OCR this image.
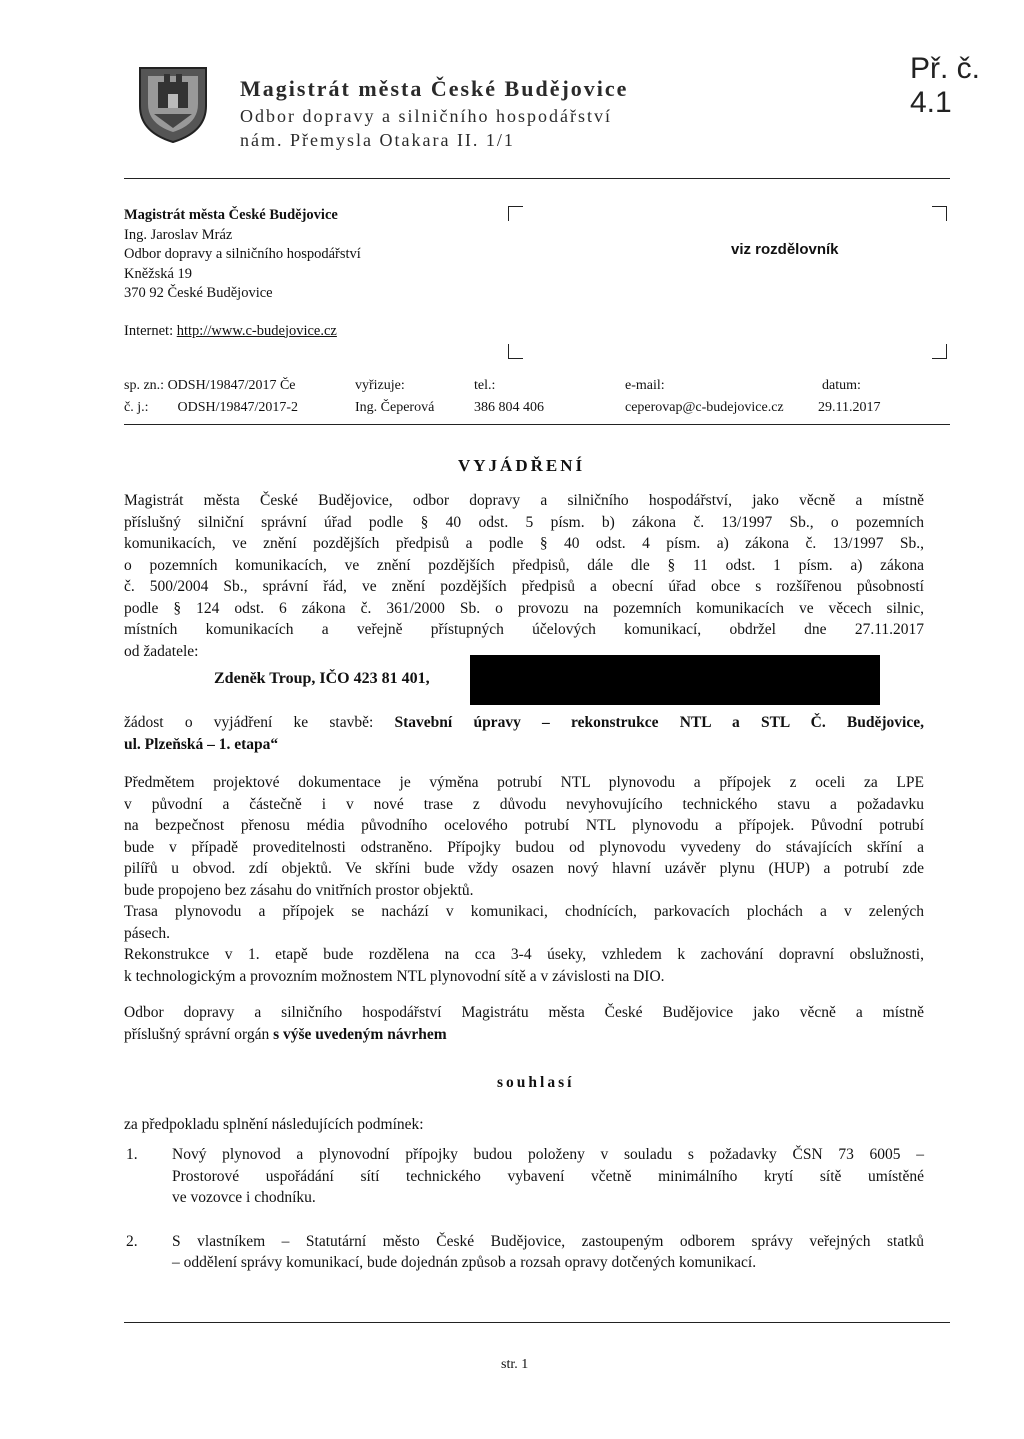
Magistrát města České Budějovice
Odbor dopravy a silničního hospodářství
nám. Přemysla Otakara II. 1/1
Př. č. 4.1
Magistrát města České Budějovice
Ing. Jaroslav Mráz
Odbor dopravy a silničního hospodářství
Kněžská 19
370 92 České Budějovice
Internet: http://www.c-budejovice.cz
viz rozdělovník
sp. zn.: ODSH/19847/2017 Če
č. j.: ODSH/19847/2017-2
vyřizuje:
Ing. Čeperová
tel.:
386 804 406
e-mail:
ceperovap@c-budejovice.cz
datum:
29.11.2017
VYJÁDŘENÍ
Magistrát města České Budějovice, odbor dopravy a silničního hospodářství, jako věcně a místně
příslušný silniční správní úřad podle § 40 odst. 5 písm. b) zákona č. 13/1997 Sb., o pozemních
komunikacích, ve znění pozdějších předpisů a podle § 40 odst. 4 písm. a) zákona č. 13/1997 Sb.,
o pozemních komunikacích, ve znění pozdějších předpisů, dále dle § 11 odst. 1 písm. a) zákona
č. 500/2004 Sb., správní řád, ve znění pozdějších předpisů a obecní úřad obce s rozšířenou působností
podle § 124 odst. 6 zákona č. 361/2000 Sb. o provozu na pozemních komunikacích ve věcech silnic,
místních komunikacích a veřejně přístupných účelových komunikací, obdržel dne 27.11.2017
od žadatele:
Zdeněk Troup, IČO 423 81 401,
žádost o vyjádření ke stavbě: Stavební úpravy – rekonstrukce NTL a STL Č. Budějovice,
ul. Plzeňská – 1. etapa“
Předmětem projektové dokumentace je výměna potrubí NTL plynovodu a přípojek z oceli za LPE
v původní a částečně i v nové trase z důvodu nevyhovujícího technického stavu a požadavku
na bezpečnost přenosu média původního ocelového potrubí NTL plynovodu a přípojek. Původní potrubí
bude v případě proveditelnosti odstraněno. Přípojky budou od plynovodu vyvedeny do stávajících skříní a
pilířů u obvod. zdí objektů. Ve skříni bude vždy osazen nový hlavní uzávěr plynu (HUP) a potrubí zde
bude propojeno bez zásahu do vnitřních prostor objektů.
Trasa plynovodu a přípojek se nachází v komunikaci, chodnících, parkovacích plochách a v zelených
pásech.
Rekonstrukce v 1. etapě bude rozdělena na cca 3-4 úseky, vzhledem k zachování dopravní obslužnosti,
k technologickým a provozním možnostem NTL plynovodní sítě a v závislosti na DIO.
Odbor dopravy a silničního hospodářství Magistrátu města České Budějovice jako věcně a místně
příslušný správní orgán s výše uvedeným návrhem
souhlasí
za předpokladu splnění následujících podmínek:
1. Nový plynovod a plynovodní přípojky budou položeny v souladu s požadavky ČSN 73 6005 –
Prostorové uspořádání sítí technického vybavení včetně minimálního krytí sítě umístěné
ve vozovce i chodníku.
2. S vlastníkem – Statutární město České Budějovice, zastoupeným odborem správy veřejných statků
– oddělení správy komunikací, bude dojednán způsob a rozsah opravy dotčených komunikací.
str. 1
